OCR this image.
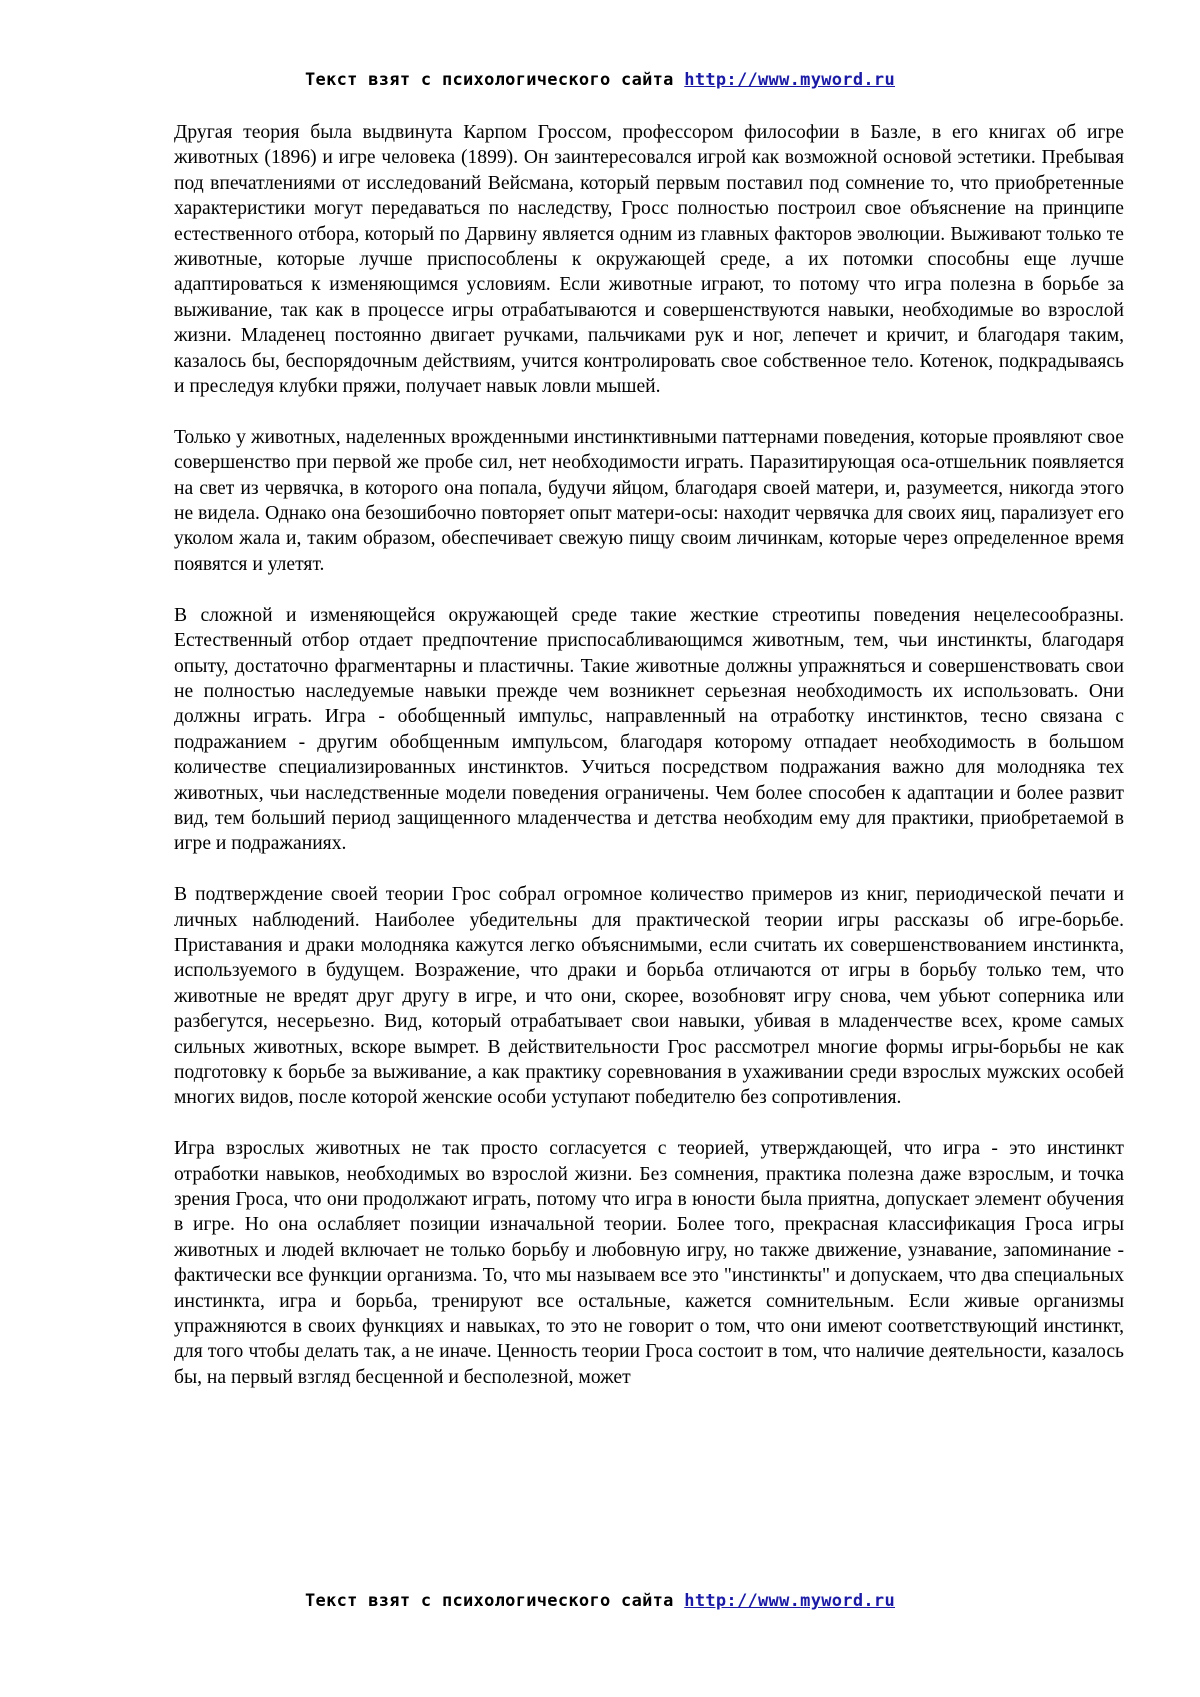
Текст взят с психологического сайта http://www.myword.ru

Другая теория была выдвинута Карпом Гроссом, профессором философии в Базле, в его книгах об игре животных (1896) и игре человека (1899). Он заинтересовался игрой как возможной основой эстетики. Пребывая под впечатлениями от исследований Вейсмана, который первым поставил под сомнение то, что приобретенные характеристики могут передаваться по наследству, Гросс полностью построил свое объяснение на принципе естественного отбора, который по Дарвину является одним из главных факторов эволюции. Выживают только те животные, которые лучше приспособлены к окружающей среде, а их потомки способны еще лучше адаптироваться к изменяющимся условиям. Если животные играют, то потому что игра полезна в борьбе за выживание, так как в процессе игры отрабатываются и совершенствуются навыки, необходимые во взрослой жизни. Младенец постоянно двигает ручками, пальчиками рук и ног, лепечет и кричит, и благодаря таким, казалось бы, беспорядочным действиям, учится контролировать свое собственное тело. Котенок, подкрадываясь и преследуя клубки пряжи, получает навык ловли мышей.

Только у животных, наделенных врожденными инстинктивными паттернами поведения, которые проявляют свое совершенство при первой же пробе сил, нет необходимости играть. Паразитирующая оса-отшельник появляется на свет из червячка, в которого она попала, будучи яйцом, благодаря своей матери, и, разумеется, никогда этого не видела. Однако она безошибочно повторяет опыт матери-осы: находит червячка для своих яиц, парализует его уколом жала и, таким образом, обеспечивает свежую пищу своим личинкам, которые через определенное время появятся и улетят.

В сложной и изменяющейся окружающей среде такие жесткие стреотипы поведения нецелесообразны. Естественный отбор отдает предпочтение приспосабливающимся животным, тем, чьи инстинкты, благодаря опыту, достаточно фрагментарны и пластичны. Такие животные должны упражняться и совершенствовать свои не полностью наследуемые навыки прежде чем возникнет серьезная необходимость их использовать. Они должны играть. Игра - обобщенный импульс, направленный на отработку инстинктов, тесно связана с подражанием - другим обобщенным импульсом, благодаря которому отпадает необходимость в большом количестве специализированных инстинктов. Учиться посредством подражания важно для молодняка тех животных, чьи наследственные модели поведения ограничены. Чем более способен к адаптации и более развит вид, тем больший период защищенного младенчества и детства необходим ему для практики, приобретаемой в игре и подражаниях.

В подтверждение своей теории Грос собрал огромное количество примеров из книг, периодической печати и личных наблюдений. Наиболее убедительны для практической теории игры рассказы об игре-борьбе. Приставания и драки молодняка кажутся легко объяснимыми, если считать их совершенствованием инстинкта, используемого в будущем. Возражение, что драки и борьба отличаются от игры в борьбу только тем, что животные не вредят друг другу в игре, и что они, скорее, возобновят игру снова, чем убьют соперника или разбегутся, несерьезно. Вид, который отрабатывает свои навыки, убивая в младенчестве всех, кроме самых сильных животных, вскоре вымрет. В действительности Грос рассмотрел многие формы игры-борьбы не как подготовку к борьбе за выживание, а как практику соревнования в ухаживании среди взрослых мужских особей многих видов, после которой женские особи уступают победителю без сопротивления.

Игра взрослых животных не так просто согласуется с теорией, утверждающей, что игра - это инстинкт отработки навыков, необходимых во взрослой жизни. Без сомнения, практика полезна даже взрослым, и точка зрения Гроса, что они продолжают играть, потому что игра в юности была приятна, допускает элемент обучения в игре. Но она ослабляет позиции изначальной теории. Более того, прекрасная классификация Гроса игры животных и людей включает не только борьбу и любовную игру, но также движение, узнавание, запоминание - фактически все функции организма. То, что мы называем все это "инстинкты" и допускаем, что два специальных инстинкта, игра и борьба, тренируют все остальные, кажется сомнительным. Если живые организмы упражняются в своих функциях и навыках, то это не говорит о том, что они имеют соответствующий инстинкт, для того чтобы делать так, а не иначе. Ценность теории Гроса состоит в том, что наличие деятельности, казалось бы, на первый взгляд бесценной и бесполезной, может

Текст взят с психологического сайта http://www.myword.ru
